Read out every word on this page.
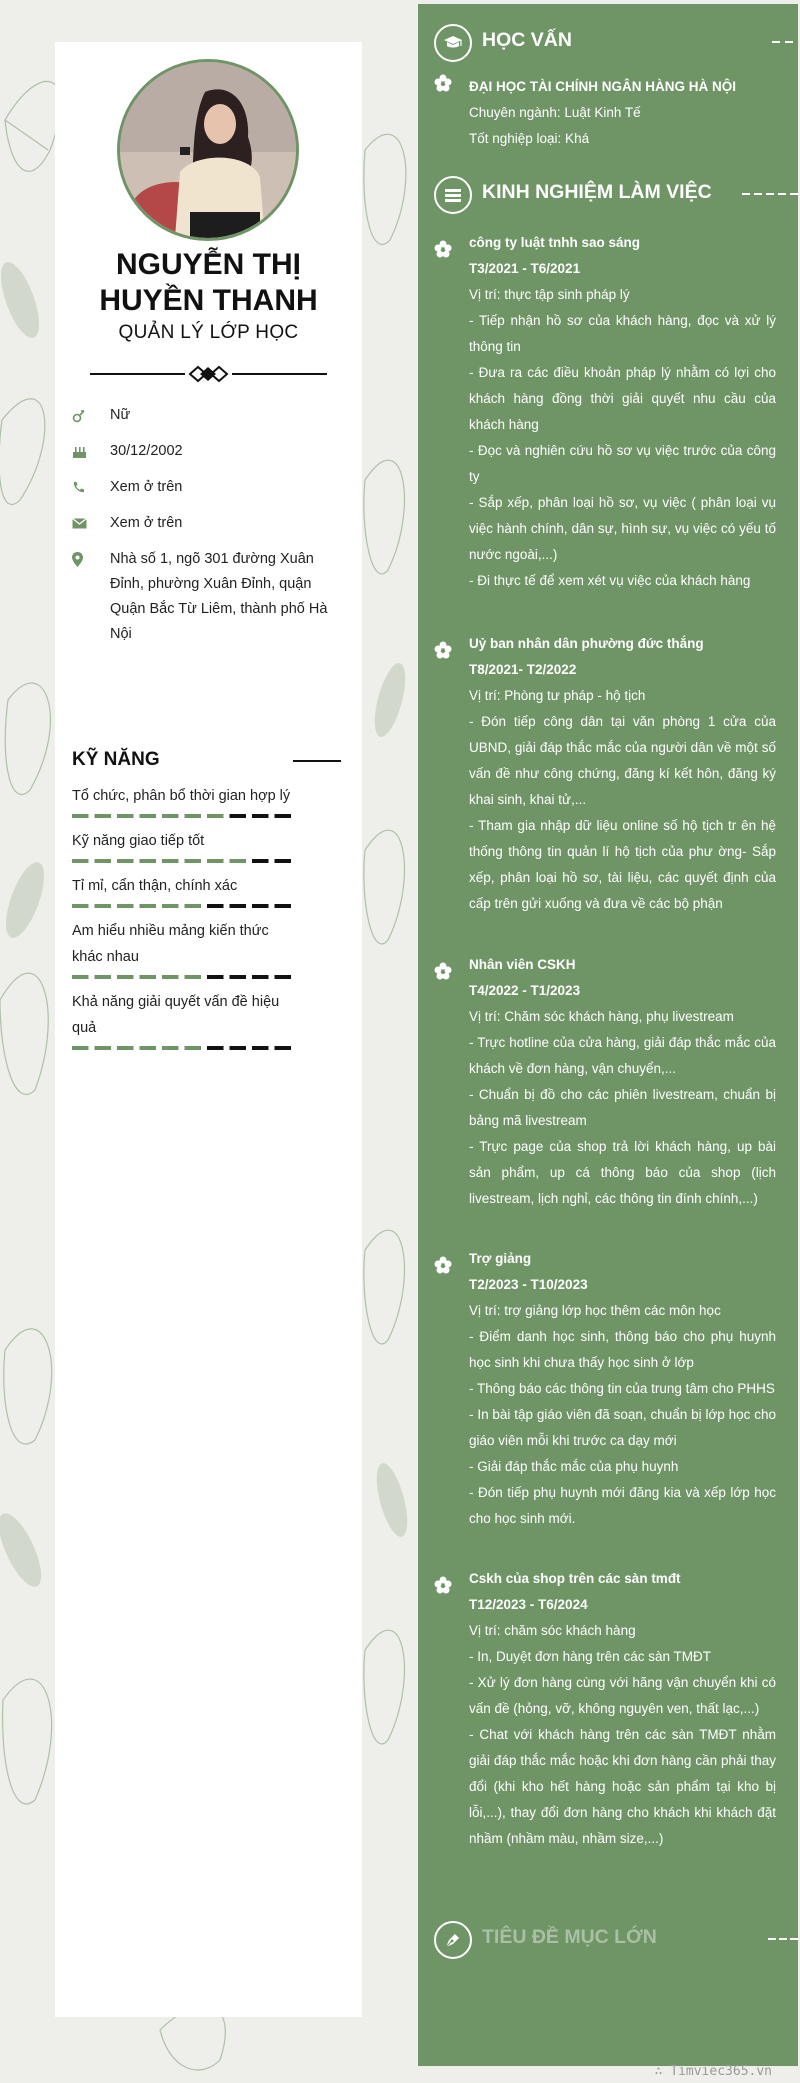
NGUYỄN THỊ
HUYỀN THANH
QUẢN LÝ LỚP HỌC
Nữ
30/12/2002
Xem ở trên
Xem ở trên
Nhà số 1, ngõ 301 đường Xuân Đỉnh, phường Xuân Đỉnh, quận Quận Bắc Từ Liêm, thành phố Hà Nội
KỸ NĂNG
Tổ chức, phân bổ thời gian hợp lý
Kỹ năng giao tiếp tốt
Tỉ mỉ, cẩn thận, chính xác
Am hiểu nhiều mảng kiến thức khác nhau
Khả năng giải quyết vấn đề hiệu quả
HỌC VẤN
ĐẠI HỌC TÀI CHÍNH NGÂN HÀNG HÀ NỘI
Chuyên ngành: Luật Kinh Tế
Tốt nghiệp loại: Khá
KINH NGHIỆM LÀM VIỆC
công ty luật tnhh sao sáng
T3/2021 - T6/2021
Vị trí: thực tập sinh pháp lý
- Tiếp nhận hồ sơ của khách hàng, đọc và xử lý thông tin
- Đưa ra các điều khoản pháp lý nhằm có lợi cho khách hàng đồng thời giải quyết nhu cầu của khách hàng
- Đọc và nghiên cứu hồ sơ vụ việc trước của công ty
- Sắp xếp, phân loại hồ sơ, vụ việc ( phân loại vụ việc hành chính, dân sự, hình sự, vụ việc có yếu tố nước ngoài,...)
- Đi thực tế để xem xét vụ việc của khách hàng
Uỷ ban nhân dân phường đức thắng
T8/2021- T2/2022
Vị trí: Phòng tư pháp - hộ tịch
- Đón tiếp công dân tại văn phòng 1 cửa của UBND, giải đáp thắc mắc của người dân về một số vấn đề như công chứng, đăng kí kết hôn, đăng ký khai sinh, khai tử,...
- Tham gia nhập dữ liệu online số hộ tịch tr ên hệ thống thông tin quản lí hộ tịch của phư ờng- Sắp xếp, phân loại hồ sơ, tài liệu, các quyết định của cấp trên gửi xuống và đưa về các bộ phận
Nhân viên CSKH
T4/2022 - T1/2023
Vị trí: Chăm sóc khách hàng, phụ livestream
- Trực hotline của cửa hàng, giải đáp thắc mắc của khách về đơn hàng, vận chuyển,...
- Chuẩn bị đồ cho các phiên livestream, chuẩn bị bảng mã livestream
- Trực page của shop trả lời khách hàng, up bài sản phẩm, up cá thông báo của shop (lịch livestream, lịch nghỉ, các thông tin đính chính,...)
Trợ giảng
T2/2023 - T10/2023
Vị trí: trợ giảng lớp học thêm các môn học
- Điểm danh học sinh, thông báo cho phụ huynh học sinh khi chưa thấy học sinh ở lớp
- Thông báo các thông tin của trung tâm cho PHHS
- In bài tập giáo viên đã soạn, chuẩn bị lớp học cho giáo viên mỗi khi trước ca dạy mới
- Giải đáp thắc mắc của phụ huynh
- Đón tiếp phụ huynh mới đăng kia và xếp lớp học cho học sinh mới.
Cskh của shop trên các sàn tmđt
T12/2023 - T6/2024
Vị trí: chăm sóc khách hàng
- In, Duyệt đơn hàng trên các sàn TMĐT
- Xử lý đơn hàng cùng với hãng vận chuyển khi có vấn đề (hỏng, vỡ, không nguyên ven, thất lạc,...)
- Chat với khách hàng trên các sàn TMĐT nhằm giải đáp thắc mắc hoặc khi đơn hàng cần phải thay đổi (khi kho hết hàng hoặc sản phẩm tại kho bị lỗi,...), thay đổi đơn hàng cho khách khi khách đặt nhầm (nhầm màu, nhầm size,...)
TIÊU ĐỀ MỤC LỚN
∴ Timviec365.vn
